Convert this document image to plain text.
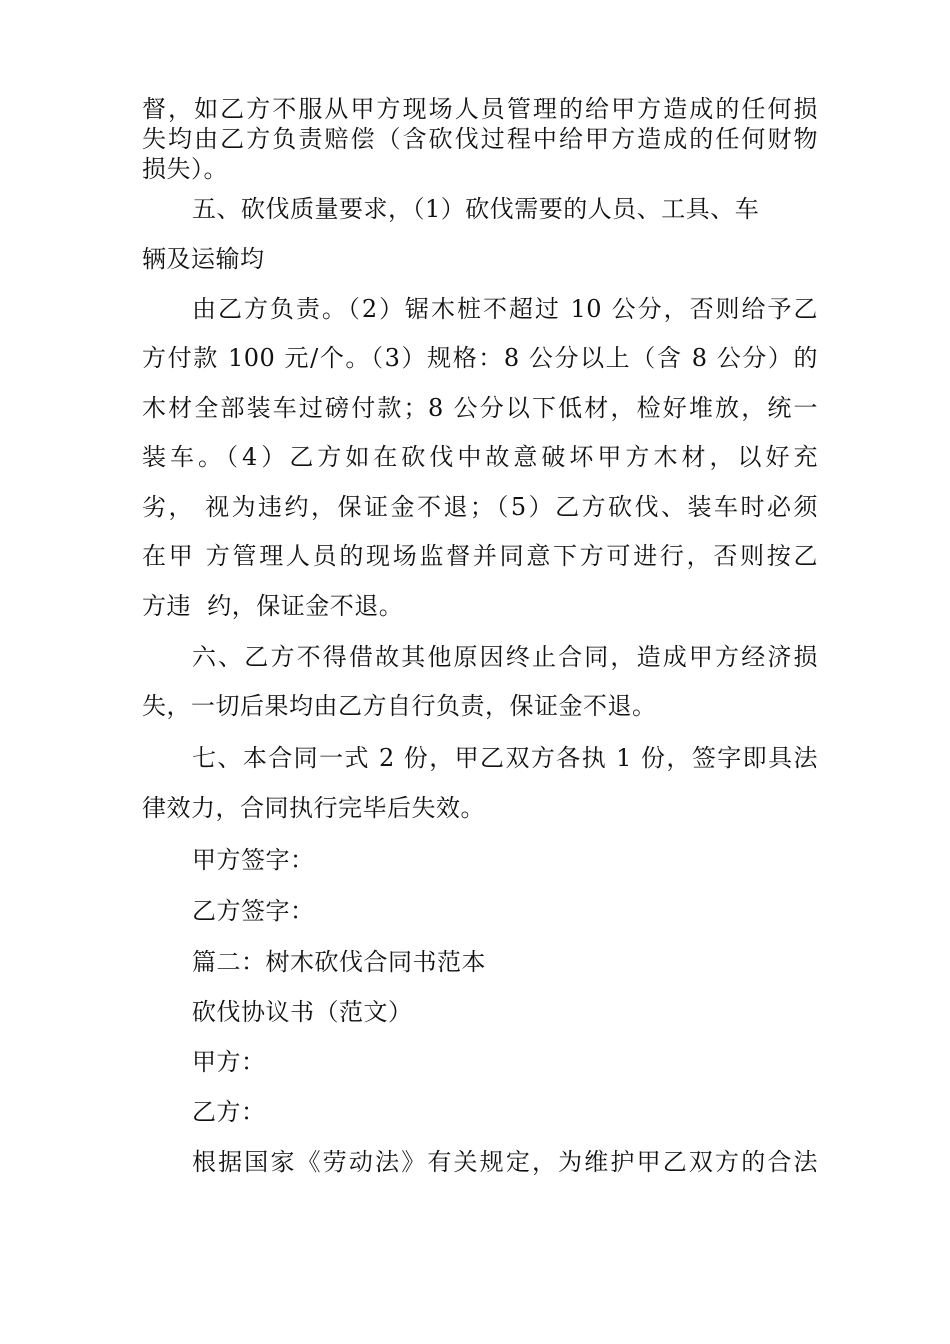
督，如乙方不服从甲方现场人员管理的给甲方造成的任何损
失均由乙方负责赔偿（含砍伐过程中给甲方造成的任何财物
损失）。
五、砍伐质量要求，（1）砍伐需要的人员、工具、车
辆及运输均
由乙方负责。（2）锯木桩不超过 10 公分，否则给予乙
方付款 100 元/个。（3）规格：8 公分以上（含 8 公分）的
木材全部装车过磅付款；8 公分以下低材，检好堆放，统一
装车。（4）乙方如在砍伐中故意破坏甲方木材，以好充
劣， 视为违约，保证金不退；（5）乙方砍伐、装车时必须
在甲 方管理人员的现场监督并同意下方可进行，否则按乙
方违  约，保证金不退。
六、乙方不得借故其他原因终止合同，造成甲方经济损
失，一切后果均由乙方自行负责，保证金不退。
七、本合同一式 2 份，甲乙双方各执 1 份，签字即具法
律效力，合同执行完毕后失效。
甲方签字：
乙方签字：
篇二：树木砍伐合同书范本
砍伐协议书（范文）
甲方：
乙方：
根据国家《劳动法》有关规定，为维护甲乙双方的合法
